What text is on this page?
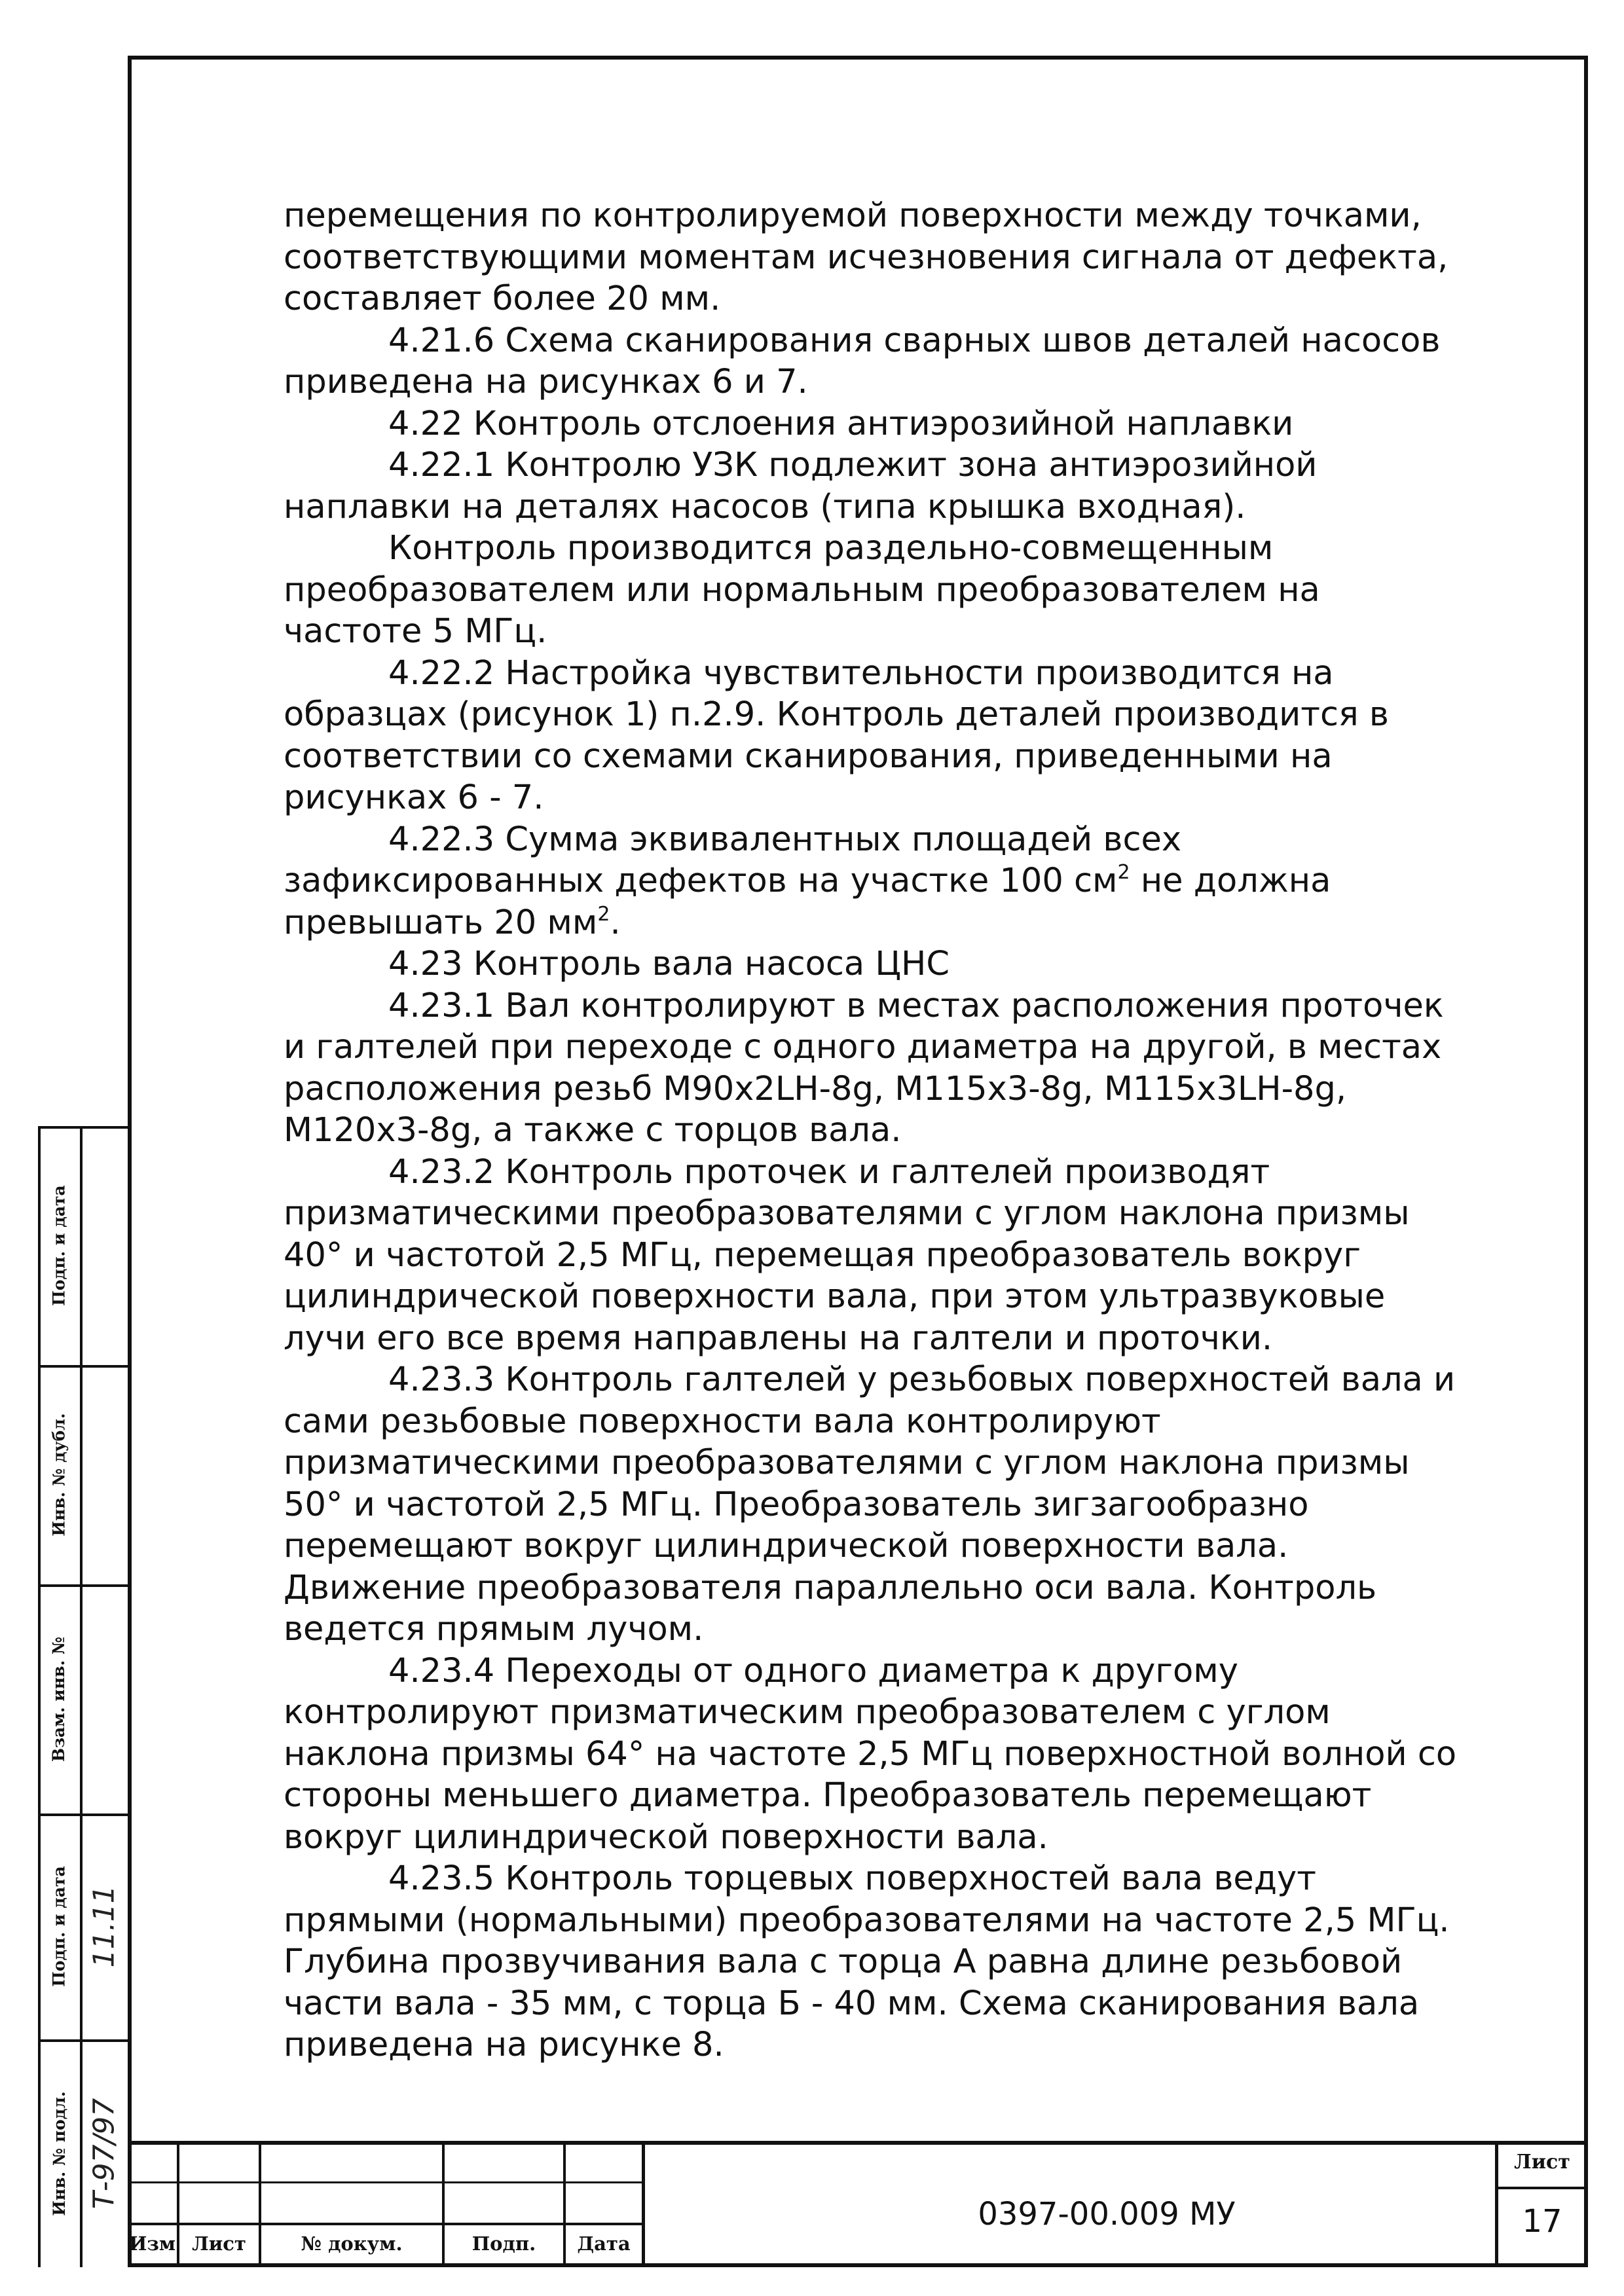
перемещения по контролируемой поверхности между точками, соответствующими моментам исчезновения сигнала от дефекта, составляет более 20 мм.

4.21.6 Схема сканирования сварных швов деталей насосов приведена на рисунках 6 и 7.

4.22 Контроль отслоения антиэрозийной наплавки

4.22.1 Контролю УЗК подлежит зона антиэрозийной наплавки на деталях насосов (типа крышка входная).

Контроль производится раздельно-совмещенным преобразователем или нормальным преобразователем на частоте 5 МГц.

4.22.2 Настройка чувствительности производится на образцах (рисунок 1) п.2.9. Контроль деталей производится в соответствии со схемами сканирования, приведенными на рисунках 6 - 7.

4.22.3 Сумма эквивалентных площадей всех зафиксированных дефектов на участке 100 $см^2$ не должна превышать 20 $мм^2$.

4.23 Контроль вала насоса ЦНС

4.23.1 Вал контролируют в местах расположения проточек и галтелей при переходе с одного диаметра на другой, в местах расположения резьб М90x2LH-8g, М115x3-8g, M115x3LH-8g, M120x3-8g, а также с торцов вала.

4.23.2 Контроль проточек и галтелей производят призматическими преобразователями с углом наклона призмы 40° и частотой 2,5 МГц, перемещая преобразователь вокруг цилиндрической поверхности вала, при этом ультразвуковые лучи его все время направлены на галтели и проточки.

4.23.3 Контроль галтелей у резьбовых поверхностей вала и сами резьбовые поверхности вала контролируют призматическими преобразователями с углом наклона призмы 50° и частотой 2,5 МГц. Преобразователь зигзагообразно перемещают вокруг цилиндрической поверхности вала. Движение преобразователя параллельно оси вала. Контроль ведется прямым лучом.

4.23.4 Переходы от одного диаметра к другому контролируют призматическим преобразователем с углом наклона призмы 64° на частоте 2,5 МГц поверхностной волной со стороны меньшего диаметра. Преобразователь перемещают вокруг цилиндрической поверхности вала.

4.23.5 Контроль торцевых поверхностей вала ведут прямыми (нормальными) преобразователями на частоте 2,5 МГц. Глубина прозвучивания вала с торца А равна длине резьбовой части вала - 35 мм, с торца Б - 40 мм. Схема сканирования вала приведена на рисунке 8.

Подп. и дата
Инв. № дубл.
Взам. инв. №
Подп. и дата
Инв. № подл.
11.11
Т-97/97
Изм Лист	№ докум.	Подп.	Дата
0397-00.009 МУ
Лист
17
